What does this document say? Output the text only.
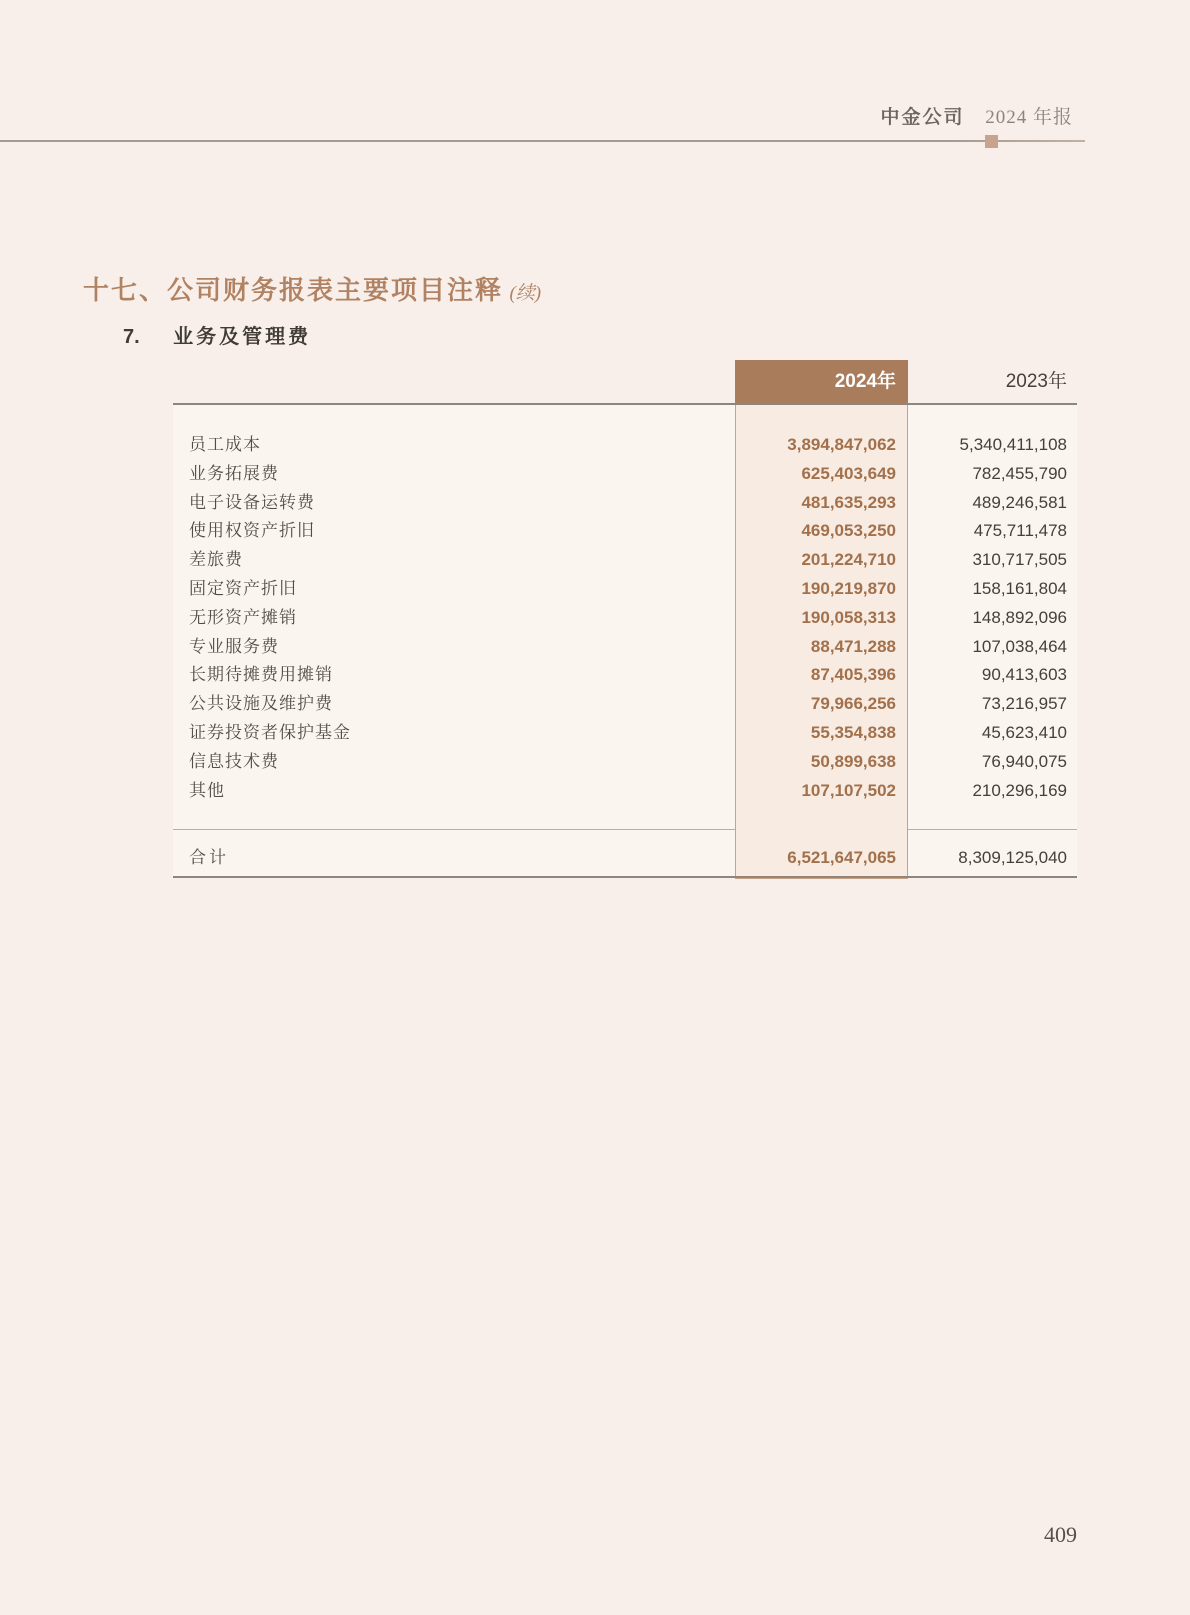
中金公司 2024 年报
十七、公司财务报表主要项目注释 (续)
7. 业务及管理费
2024年	2023年
员工成本	3,894,847,062	5,340,411,108
业务拓展费	625,403,649	782,455,790
电子设备运转费	481,635,293	489,246,581
使用权资产折旧	469,053,250	475,711,478
差旅费	201,224,710	310,717,505
固定资产折旧	190,219,870	158,161,804
无形资产摊销	190,058,313	148,892,096
专业服务费	88,471,288	107,038,464
长期待摊费用摊销	87,405,396	90,413,603
公共设施及维护费	79,966,256	73,216,957
证券投资者保护基金	55,354,838	45,623,410
信息技术费	50,899,638	76,940,075
其他	107,107,502	210,296,169
合计	6,521,647,065	8,309,125,040
409
